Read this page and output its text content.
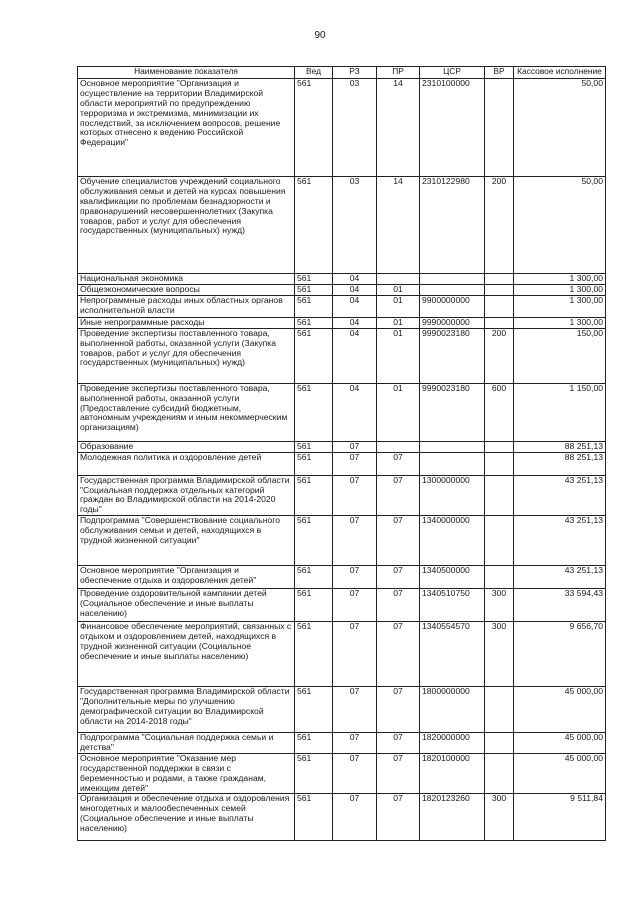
90
Наименование показателя	Вед	РЗ	ПР	ЦСР	ВР	Кассовое исполнение
Основное мероприятие "Организация и осуществление на территории Владимирской области мероприятий по предупреждению терроризма и экстремизма, минимизации их последствий, за исключением вопросов, решение которых отнесено к ведению Российской Федерации"	561	03	14	2310100000		50,00
Обучение специалистов учреждений социального обслуживания семьи и детей на курсах повышения квалификации по проблемам безнадзорности и правонарушений несовершеннолетних (Закупка товаров, работ и услуг для обеспечения государственных (муниципальных) нужд)	561	03	14	2310122980	200	50,00
Национальная экономика	561	04				1 300,00
Общеэкономические вопросы	561	04	01			1 300,00
Непрограммные расходы иных областных органов исполнительной власти	561	04	01	9900000000		1 300,00
Иные непрограммные расходы	561	04	01	9990000000		1 300,00
Проведение экспертизы поставленного товара, выполненной работы, оказанной услуги (Закупка товаров, работ и услуг для обеспечения государственных (муниципальных) нужд)	561	04	01	9990023180	200	150,00
Проведение экспертизы поставленного товара, выполненной работы, оказанной услуги (Предоставление субсидий бюджетным, автономным учреждениям и иным некоммерческим организациям)	561	04	01	9990023180	600	1 150,00
Образование	561	07				88 251,13
Молодежная политика и оздоровление детей	561	07	07			88 251,13
Государственная программа Владимирской области "Социальная поддержка отдельных категорий граждан во Владимирской области на 2014-2020 годы"	561	07	07	1300000000		43 251,13
Подпрограмма "Совершенствование социального обслуживания семьи и детей, находящихся в трудной жизненной ситуации"	561	07	07	1340000000		43 251,13
Основное мероприятие "Организация и обеспечение отдыха и оздоровления детей"	561	07	07	1340500000		43 251,13
Проведение оздоровительной кампании детей (Социальное обеспечение и иные выплаты населению)	561	07	07	1340510750	300	33 594,43
Финансовое обеспечение мероприятий, связанных с отдыхом и оздоровлением детей, находящихся в трудной жизненной ситуации (Социальное обеспечение и иные выплаты населению)	561	07	07	1340554570	300	9 656,70
Государственная программа Владимирской области "Дополнительные меры по улучшению демографической ситуации во Владимирской области на 2014-2018 годы"	561	07	07	1800000000		45 000,00
Подпрограмма "Социальная поддержка семьи и детства"	561	07	07	1820000000		45 000,00
Основное мероприятие "Оказание мер государственной поддержки в связи с беременностью и родами, а также гражданам, имеющим детей"	561	07	07	1820100000		45 000,00
Организация и обеспечение отдыха и оздоровления многодетных и малообеспеченных семей (Социальное обеспечение и иные выплаты населению)	561	07	07	1820123260	300	9 511,84
